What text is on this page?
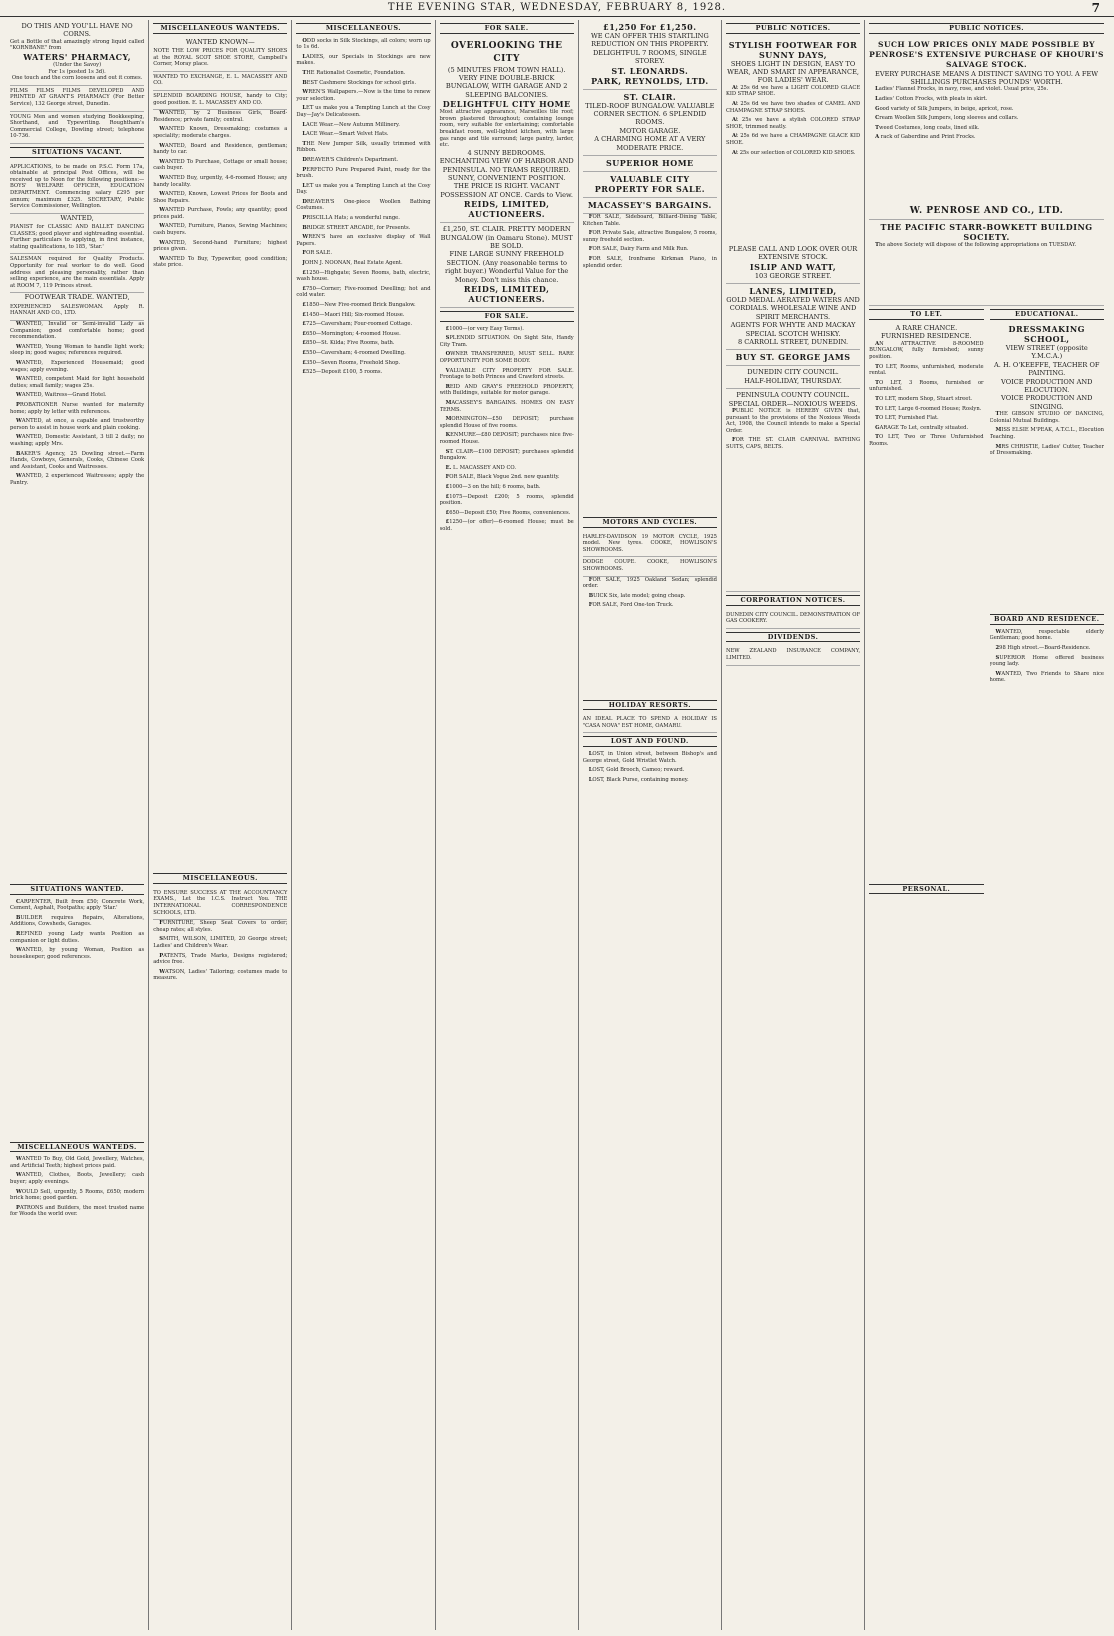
THE EVENING STAR, WEDNESDAY, FEBRUARY 8, 1928.	7
DO THIS AND YOU'LL HAVE NO CORNS.
Get a Bottle of that amazingly strong liquid called "KORNBANE" from
WATERS' PHARMACY,
(Under the Savoy)
For 1s (posted 1s 3d).
One touch and the corn loosens and out it comes.
FILMS FILMS FILMS DEVELOPED AND PRINTED AT GRANT'S PHARMACY (For Better Service), 132 George street, Dunedin.
YOUNG Men and women studying Bookkeeping, Shorthand, and Typewriting. Roughtham's Commercial College, Dowling street; telephone 10-736.
SITUATIONS VACANT.
APPLICATIONS, to be made on P.S.C. Form 17a, obtainable at principal Post Offices, will be received up to Noon for the following positions:— BOYS' WELFARE OFFICER, EDUCATION DEPARTMENT. Commencing salary £295 per annum; maximum £325. SECRETARY, Public Service Commissioner, Wellington.
WANTED,
PIANIST for CLASSIC AND BALLET DANCING CLASSES; good player and sightreading essential. Further particulars to applying, in first instance, stating qualifications, to 185, 'Star.'
SALESMAN required for Quality Products. Opportunity for real worker to do well. Good address and pleasing personality, rather than selling experience, are the main essentials. Apply at ROOM 7, 119 Princes street.
FOOTWEAR TRADE. WANTED,
EXPERIENCED SALESWOMAN. Apply R. HANNAH AND CO., LTD.

WANTED, Invalid or Semi-invalid Lady as Companion; good comfortable home; good recommendation.

WANTED, Young Woman to handle light work; sleep in; good wages; references required.

WANTED, Experienced Housemaid; good wages; apply evening.

WANTED, competent Maid for light household duties; small family; wages 25s.

WANTED, Waitress—Grand Hotel.

PROBATIONER Nurse wanted for maternity home; apply by letter with references.

WANTED, at once, a capable and trustworthy person to assist in house work and plain cooking.

WANTED, Domestic Assistant, 3 till 2 daily; no washing; apply Mrs.

BAKER'S Agency, 25 Dowling street.—Farm Hands, Cowboys, Generals, Cooks, Chinese Cook and Assistant, Cooks and Waitresses.

WANTED, 2 experienced Waitresses; apply the Pantry.

SITUATIONS WANTED.

CARPENTER, Built from £50; Concrete Work, Cement, Asphalt, Footpaths; apply 'Star.'

BUILDER requires Repairs, Alterations, Additions, Cowsheds, Garages.

REFINED young Lady wants Position as companion or light duties.

WANTED, by young Woman, Position as housekeeper; good references.

MISCELLANEOUS WANTEDS.

WANTED To Buy, Old Gold, Jewellery, Watches, and Artificial Teeth; highest prices paid.

WANTED, Clothes, Boots, Jewellery; cash buyer; apply evenings.

WOULD Sell, urgently, 5 Rooms, £650; modern brick home; good garden.

PATRONS and Builders, the most trusted name for Woods the world over.

MISCELLANEOUS WANTEDS.
WANTED KNOWN—
NOTE THE LOW PRICES FOR QUALITY SHOES at the ROYAL SCOT SHOE STORE, Campbell's Corner, Moray place.
WANTED TO EXCHANGE, E. L. MACASSEY AND CO.
SPLENDID BOARDING HOUSE, handy to City; good position. E. L. MACASSEY AND CO.

WANTED, by 2 Business Girls, Board-Residence; private family; central.

WANTED Known, Dressmaking; costumes a speciality; moderate charges.

WANTED, Board and Residence, gentleman; handy to car.

WANTED To Purchase, Cottage or small house; cash buyer.

WANTED Buy, urgently, 4-6-roomed House; any handy locality.

WANTED, Known, Lowest Prices for Boots and Shoe Repairs.

WANTED Purchase, Fowls; any quantity; good prices paid.

WANTED, Furniture, Pianos, Sewing Machines; cash buyers.

WANTED, Second-hand Furniture; highest prices given.

WANTED To Buy, Typewriter, good condition; state price.

MISCELLANEOUS.
TO ENSURE SUCCESS AT THE ACCOUNTANCY EXAMS., Let the I.C.S. Instruct You. THE INTERNATIONAL CORRESPONDENCE SCHOOLS, LTD.

FURNITURE, Sheep Seat Covers to order; cheap rates; all styles.

SMITH, WILSON, LIMITED, 20 George street; Ladies' and Children's Wear.

PATENTS, Trade Marks, Designs registered; advice free.

WATSON, Ladies' Tailoring; costumes made to measure.

MISCELLANEOUS.

ODD socks in Silk Stockings, all colors; worn up to 1s 6d.

LADIES, our Specials in Stockings are new makes.

THE Rationalist Cosmetic, Foundation.

BEST Cashmere Stockings for school girls.

WREN'S Wallpapers.—Now is the time to renew your selection.

LET us make you a Tempting Lunch at the Cosy Day—Jay's Delicatessen.

LACE Wear.—New Autumn Millinery.

LACE Wear.—Smart Velvet Hats.

THE New Jumper Silk, usually trimmed with Ribbon.

DREAVER'S Children's Department.

PERFECTO Pure Prepared Paint, ready for the brush.

LET us make you a Tempting Lunch at the Cosy Day.

DREAVER'S One-piece Woollen Bathing Costumes.

PRISCILLA Hats; a wonderful range.

BRIDGE STREET ARCADE, for Presents.

WREN'S have an exclusive display of Wall Papers.

FOR SALE.

JOHN J. NOONAN, Real Estate Agent.

£1250—Highgate; Seven Rooms, bath, electric, wash house.

£750—Corner; Five-roomed Dwelling; hot and cold water.

£1850—New Five-roomed Brick Bungalow.

£1450—Maori Hill; Six-roomed House.

£725—Caversham; Four-roomed Cottage.

£650—Mornington; 4-roomed House.

£850—St. Kilda; Five Rooms, bath.

£550—Caversham; 4-roomed Dwelling.

£350—Seven Rooms, Freehold Shop.

£525—Deposit £100, 5 rooms.

FOR SALE.
OVERLOOKING THE CITY
(5 MINUTES FROM TOWN HALL). VERY FINE DOUBLE-BRICK BUNGALOW, WITH GARAGE AND 2 SLEEPING BALCONIES.
DELIGHTFUL CITY HOME
Most attractive appearance, Marseilles tile roof; brown plastered throughout; containing lounge room, very suitable for entertaining; comfortable breakfast room, well-lighted kitchen, with large gas range and tile surround; large pantry, larder, etc.
4 SUNNY BEDROOMS.
ENCHANTING VIEW OF HARBOR AND PENINSULA. NO TRAMS REQUIRED. SUNNY, CONVENIENT POSITION. THE PRICE IS RIGHT. VACANT POSSESSION AT ONCE. Cards to View.
REIDS, LIMITED, AUCTIONEERS.
£1,250, ST. CLAIR. PRETTY MODERN BUNGALOW (in Oamaru Stone). MUST BE SOLD.
FINE LARGE SUNNY FREEHOLD SECTION. (Any reasonable terms to right buyer.) Wonderful Value for the Money. Don't miss this chance.
REIDS, LIMITED, AUCTIONEERS.
FOR SALE.

£1000—(or very Easy Terms).

SPLENDID SITUATION. On Sight Site, Handy City Tram.

OWNER TRANSFERRED, MUST SELL. RARE OPPORTUNITY FOR SOME BODY.

VALUABLE CITY PROPERTY FOR SALE. Frontage to both Princes and Crawford streets.

REID AND GRAY'S FREEHOLD PROPERTY, with Buildings, suitable for motor garage.

MACASSEY'S BARGAINS. HOMES ON EASY TERMS.

MORNINGTON—£50 DEPOSIT; purchase splendid House of five rooms.

KENMURE—£80 DEPOSIT; purchases nice five-roomed House.

ST. CLAIR—£100 DEPOSIT; purchases splendid Bungalow.

E. L. MACASSEY AND CO.

FOR SALE, Black Vogue 2nd. new quantity.

£1000—3 on the hill; 6 rooms, bath.

£1075—Deposit £200; 5 rooms, splendid position.

£650—Deposit £50; Five Rooms, conveniences.

£1250—(or offer)—6-roomed House; must be sold.

£1,250 For £1,250.
WE CAN OFFER THIS STARTLING REDUCTION ON THIS PROPERTY.
DELIGHTFUL 7 ROOMS, SINGLE STOREY.
ST. LEONARDS.
PARK, REYNOLDS, LTD.
ST. CLAIR.
TILED-ROOF BUNGALOW. VALUABLE CORNER SECTION. 6 SPLENDID ROOMS.
MOTOR GARAGE.
A CHARMING HOME AT A VERY MODERATE PRICE.
SUPERIOR HOME
VALUABLE CITY PROPERTY FOR SALE.
MACASSEY'S BARGAINS.

FOR SALE, Sideboard, Billiard-Dining Table, Kitchen Table.

FOR Private Sale, attractive Bungalow, 5 rooms, sunny freehold section.

FOR SALE, Dairy Farm and Milk Run.

FOR SALE, Ironframe Kirkman Piano, in splendid order.

MOTORS AND CYCLES.
HARLEY-DAVIDSON 19 MOTOR CYCLE, 1925 model. New tyres. COOKE, HOWLISON'S SHOWROOMS.
DODGE COUPE. COOKE, HOWLISON'S SHOWROOMS.

FOR SALE, 1925 Oakland Sedan; splendid order.

BUICK Six, late model; going cheap.

FOR SALE, Ford One-ton Truck.

HOLIDAY RESORTS.
AN IDEAL PLACE TO SPEND A HOLIDAY IS "CASA NOVA" EST HOME, OAMARU.
LOST AND FOUND.

LOST, in Union street, between Bishop's and George street, Gold Wristlet Watch.

LOST, Gold Brooch, Cameo; reward.

LOST, Black Purse, containing money.

PUBLIC NOTICES.
STYLISH FOOTWEAR FOR SUNNY DAYS,
SHOES LIGHT IN DESIGN, EASY TO WEAR, AND SMART IN APPEARANCE, FOR LADIES' WEAR.

At 25s 6d we have a LIGHT COLORED GLACE KID STRAP SHOE.

At 25s 6d we have two shades of CAMEL AND CHAMPAGNE STRAP SHOES.

At 25s we have a stylish COLORED STRAP SHOE, trimmed neatly.

At 25s 6d we have a CHAMPAGNE GLACE KID SHOE.

At 25s our selection of COLORED KID SHOES.

PLEASE CALL AND LOOK OVER OUR EXTENSIVE STOCK.
ISLIP AND WATT,
103 GEORGE STREET.
LANES, LIMITED,
GOLD MEDAL AERATED WATERS AND CORDIALS. WHOLESALE WINE AND SPIRIT MERCHANTS.
AGENTS FOR WHYTE AND MACKAY SPECIAL SCOTCH WHISKY.
8 CARROLL STREET, DUNEDIN.
BUY ST. GEORGE JAMS
DUNEDIN CITY COUNCIL.
HALF-HOLIDAY, THURSDAY.
PENINSULA COUNTY COUNCIL.
SPECIAL ORDER—NOXIOUS WEEDS.

PUBLIC NOTICE is HEREBY GIVEN that, pursuant to the provisions of the Noxious Weeds Act, 1908, the Council intends to make a Special Order.

FOR THE ST. CLAIR CARNIVAL BATHING SUITS, CAPS, BELTS.

CORPORATION NOTICES.
DUNEDIN CITY COUNCIL. DEMONSTRATION OF GAS COOKERY.
DIVIDENDS.
NEW ZEALAND INSURANCE COMPANY, LIMITED.
PUBLIC NOTICES.
SUCH LOW PRICES ONLY MADE POSSIBLE BY PENROSE'S EXTENSIVE PURCHASE OF KHOURI'S SALVAGE STOCK.
EVERY PURCHASE MEANS A DISTINCT SAVING TO YOU. A FEW SHILLINGS PURCHASES POUNDS' WORTH.

Ladies' Flannel Frocks, in navy, rose, and violet. Usual price, 25s.

Ladies' Cotton Frocks, with pleats in skirt.

Good variety of Silk Jumpers, in beige, apricot, rose.

Cream Woollen Silk Jumpers, long sleeves and collars.

Tweed Costumes, long coats, lined silk.

A rack of Gaberdine and Print Frocks.

W. PENROSE AND CO., LTD.
THE PACIFIC STARR-BOWKETT BUILDING SOCIETY.

The above Society will dispose of the following appropriations on TUESDAY.

TO LET.
A RARE CHANCE.
FURNISHED RESIDENCE.

AN ATTRACTIVE 8-ROOMED BUNGALOW, fully furnished; sunny position.

TO LET, Rooms, unfurnished, moderate rental.

TO LET, 3 Rooms, furnished or unfurnished.

TO LET, modern Shop, Stuart street.

TO LET, Large 6-roomed House; Roslyn.

TO LET, Furnished Flat.

GARAGE To Let, centrally situated.

TO LET, Two or Three Unfurnished Rooms.

PERSONAL.
EDUCATIONAL.
DRESSMAKING SCHOOL,
VIEW STREET (opposite Y.M.C.A.)
A. H. O'KEEFFE, TEACHER OF PAINTING.
VOICE PRODUCTION AND ELOCUTION.
VOICE PRODUCTION AND SINGING.

THE GIBSON STUDIO OF DANCING, Colonial Mutual Buildings.

MISS ELSIE M'PEAK, A.T.C.L., Elocution Teaching.

MRS CHRISTIE, Ladies' Cutter, Teacher of Dressmaking.

BOARD AND RESIDENCE.

WANTED, respectable elderly Gentleman; good home.

298 High street.—Board-Residence.

SUPERIOR Home offered business young lady.

WANTED, Two Friends to Share nice home.
